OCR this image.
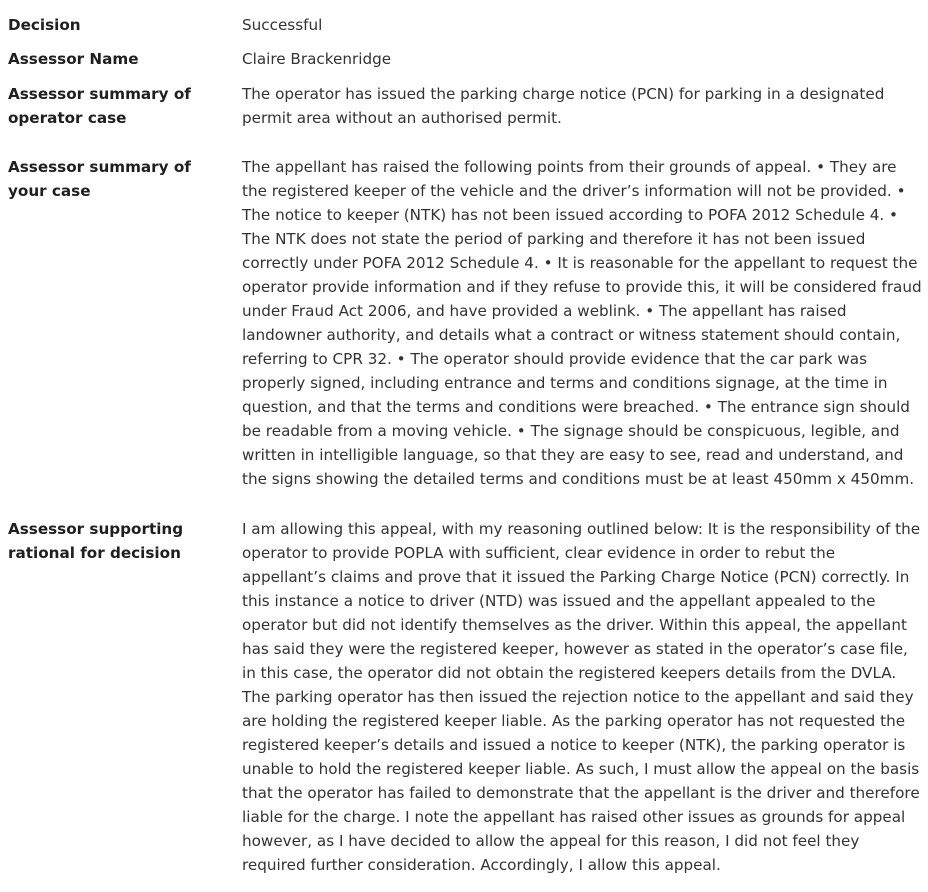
Decision	Successful
Assessor Name	Claire Brackenridge
Assessor summary of operator case
The operator has issued the parking charge notice (PCN) for parking in a designated permit area without an authorised permit.
Assessor summary of your case
The appellant has raised the following points from their grounds of appeal. • They are the registered keeper of the vehicle and the driver’s information will not be provided. • The notice to keeper (NTK) has not been issued according to POFA 2012 Schedule 4. • The NTK does not state the period of parking and therefore it has not been issued correctly under POFA 2012 Schedule 4. • It is reasonable for the appellant to request the operator provide information and if they refuse to provide this, it will be considered fraud under Fraud Act 2006, and have provided a weblink. • The appellant has raised landowner authority, and details what a contract or witness statement should contain, referring to CPR 32. • The operator should provide evidence that the car park was properly signed, including entrance and terms and conditions signage, at the time in question, and that the terms and conditions were breached. • The entrance sign should be readable from a moving vehicle. • The signage should be conspicuous, legible, and written in intelligible language, so that they are easy to see, read and understand, and the signs showing the detailed terms and conditions must be at least 450mm x 450mm.
Assessor supporting rational for decision
I am allowing this appeal, with my reasoning outlined below: It is the responsibility of the operator to provide POPLA with sufficient, clear evidence in order to rebut the appellant’s claims and prove that it issued the Parking Charge Notice (PCN) correctly. In this instance a notice to driver (NTD) was issued and the appellant appealed to the operator but did not identify themselves as the driver. Within this appeal, the appellant has said they were the registered keeper, however as stated in the operator’s case file, in this case, the operator did not obtain the registered keepers details from the DVLA. The parking operator has then issued the rejection notice to the appellant and said they are holding the registered keeper liable. As the parking operator has not requested the registered keeper’s details and issued a notice to keeper (NTK), the parking operator is unable to hold the registered keeper liable. As such, I must allow the appeal on the basis that the operator has failed to demonstrate that the appellant is the driver and therefore liable for the charge. I note the appellant has raised other issues as grounds for appeal however, as I have decided to allow the appeal for this reason, I did not feel they required further consideration. Accordingly, I allow this appeal.
